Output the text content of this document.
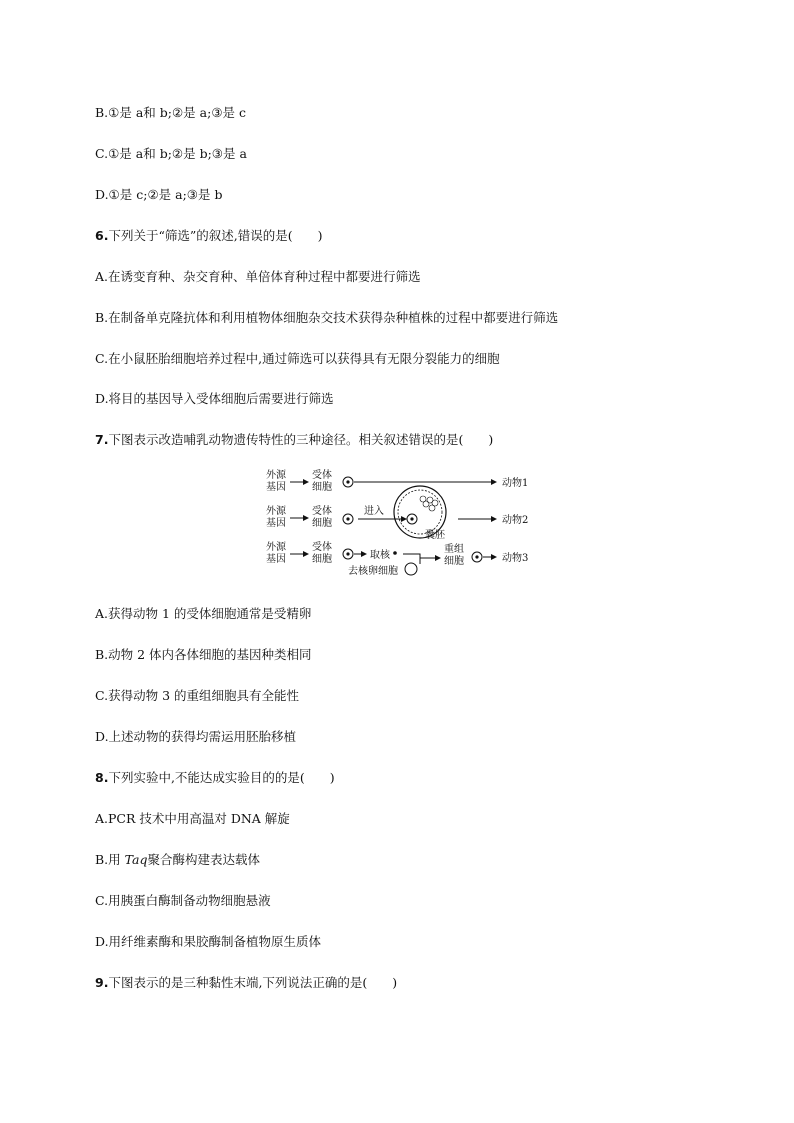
B.①是 a和 b;②是 a;③是 c
C.①是 a和 b;②是 b;③是 a
D.①是 c;②是 a;③是 b
6.下列关于“筛选”的叙述,错误的是(　　)
A.在诱变育种、杂交育种、单倍体育种过程中都要进行筛选
B.在制备单克隆抗体和利用植物体细胞杂交技术获得杂种植株的过程中都要进行筛选
C.在小鼠胚胎细胞培养过程中,通过筛选可以获得具有无限分裂能力的细胞
D.将目的基因导入受体细胞后需要进行筛选
7.下图表示改造哺乳动物遗传特性的三种途径。相关叙述错误的是(　　)
外源
基因
受体
细胞	动物1
外源
基因
受体
细胞
进入
囊胚
动物2
外源
基因
受体
细胞	取核
去核卵细胞
重组
细胞	动物3
A.获得动物 1 的受体细胞通常是受精卵
B.动物 2 体内各体细胞的基因种类相同
C.获得动物 3 的重组细胞具有全能性
D.上述动物的获得均需运用胚胎移植
8.下列实验中,不能达成实验目的的是(　　)
A.PCR 技术中用高温对 DNA 解旋
B.用 Taq聚合酶构建表达载体
C.用胰蛋白酶制备动物细胞悬液
D.用纤维素酶和果胶酶制备植物原生质体
9.下图表示的是三种黏性末端,下列说法正确的是(　　)
